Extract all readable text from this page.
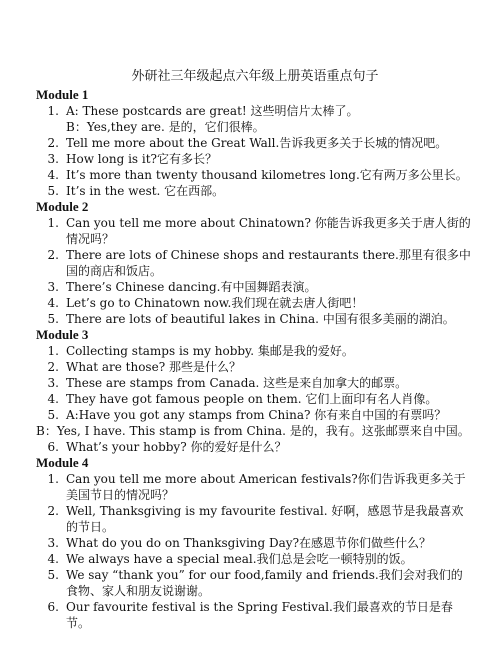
外研社三年级起点六年级上册英语重点句子
Module 1
1. A: These postcards are great! 这些明信片太棒了。
B：Yes,they are. 是的，它们很棒。
2. Tell me more about the Great Wall.告诉我更多关于长城的情况吧。
3. How long is it?它有多长？
4. It’s more than twenty thousand kilometres long.它有两万多公里长。
5. It’s in the west. 它在西部。
Module 2
1. Can you tell me more about Chinatown? 你能告诉我更多关于唐人街的情况吗？
2. There are lots of Chinese shops and restaurants there.那里有很多中国的商店和饭店。
3. There’s Chinese dancing.有中国舞蹈表演。
4. Let’s go to Chinatown now.我们现在就去唐人街吧！
5. There are lots of beautiful lakes in China. 中国有很多美丽的湖泊。
Module 3
1. Collecting stamps is my hobby. 集邮是我的爱好。
2. What are those? 那些是什么？
3. These are stamps from Canada. 这些是来自加拿大的邮票。
4. They have got famous people on them. 它们上面印有名人肖像。
5. A:Have you got any stamps from China? 你有来自中国的有票吗？
B：Yes, I have. This stamp is from China. 是的，我有。这张邮票来自中国。
6. What’s your hobby? 你的爱好是什么？
Module 4
1. Can you tell me more about American festivals?你们告诉我更多关于美国节日的情况吗？
2. Well, Thanksgiving is my favourite festival. 好啊，感恩节是我最喜欢的节日。
3. What do you do on Thanksgiving Day?在感恩节你们做些什么？
4. We always have a special meal.我们总是会吃一顿特别的饭。
5. We say “thank you” for our food,family and friends.我们会对我们的食物、家人和朋友说谢谢。
6. Our favourite festival is the Spring Festival.我们最喜欢的节日是春节。
